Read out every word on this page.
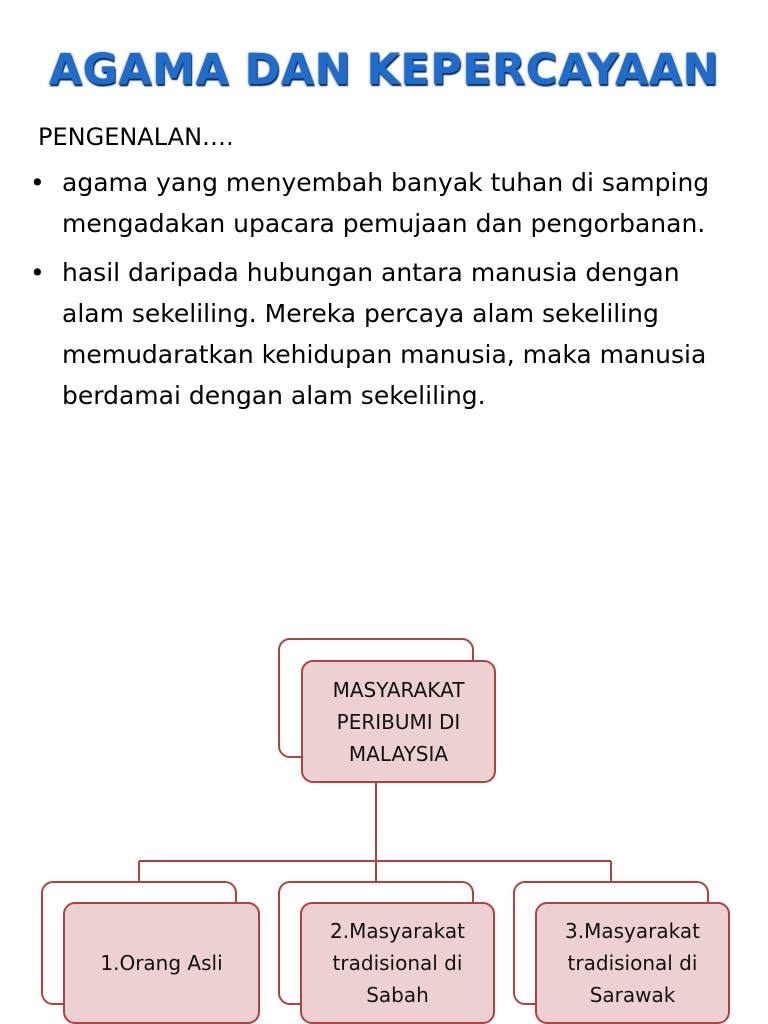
AGAMA DAN KEPERCAYAAN

PENGENALAN….

• agama yang menyembah banyak tuhan di samping mengadakan upacara pemujaan dan pengorbanan.
• hasil daripada hubungan antara manusia dengan alam sekeliling. Mereka percaya alam sekeliling memudaratkan kehidupan manusia, maka manusia berdamai dengan alam sekeliling.
MASYARAKAT PERIBUMI DI MALAYSIA
1.Orang Asli
2.Masyarakat tradisional di Sabah
3.Masyarakat tradisional di Sarawak
